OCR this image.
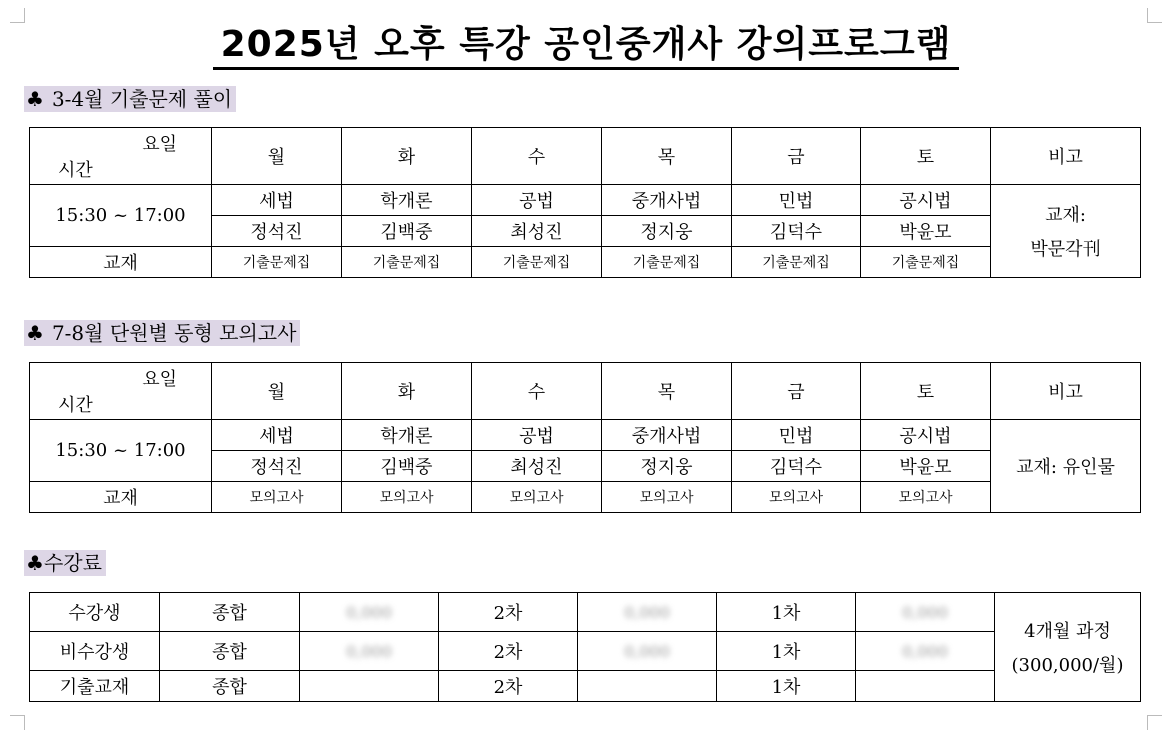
2025년 오후 특강 공인중개사 강의프로그램
♣ 3-4월 기출문제 풀이
요일
시간	월	화	수	목	금	토	비고
15:30 ~ 17:00	세법	학개론	공법	중개사법	민법	공시법	교재:
박문각刊

	정석진	김백중	최성진	정지웅	김덕수	박윤모	
교재	기출문제집	기출문제집	기출문제집	기출문제집	기출문제집	기출문제집	
♣ 7-8월 단원별 동형 모의고사
요일
시간	월	화	수	목	금	토	비고
15:30 ~ 17:00	세법	학개론	공법	중개사법	민법	공시법	교재: 유인물
	정석진	김백중	최성진	정지웅	김덕수	박윤모	
교재	모의고사	모의고사	모의고사	모의고사	모의고사	모의고사	
♣수강료
수강생	종합	0,000	2차	0,000	1차	0,000	4개월 과정
(300,000/월)

비수강생	종합	0,000	2차	0,000	1차	0,000	
기출교재	종합		2차		1차		
